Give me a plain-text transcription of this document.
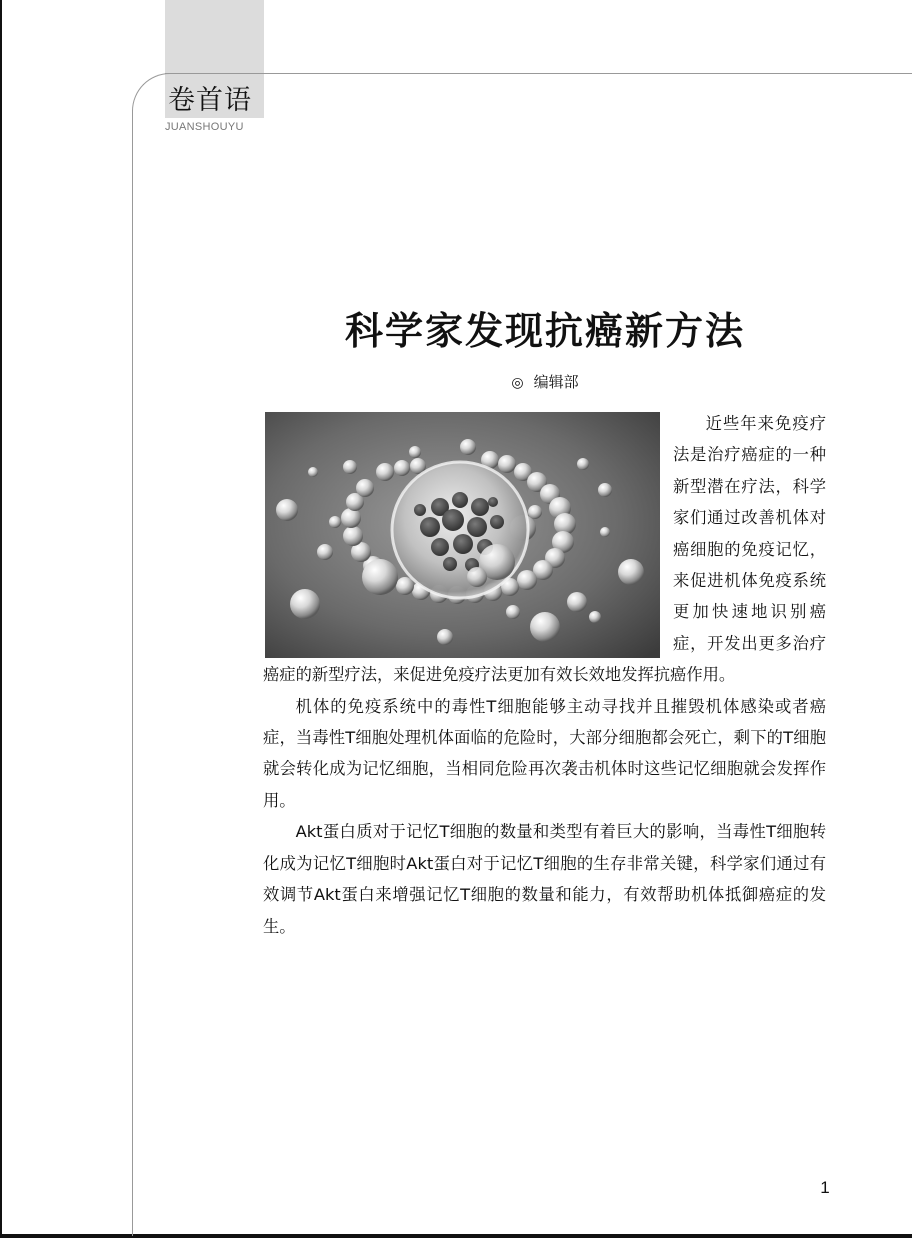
卷首语
JUANSHOUYU
科学家发现抗癌新方法
◎ 编辑部

近些年来免疫疗法是治疗癌症的一种新型潜在疗法，科学家们通过改善机体对癌细胞的免疫记忆，来促进机体免疫系统更加快速地识别癌症，开发出更多治疗癌症的新型疗法，来促进免疫疗法更加有效长效地发挥抗癌作用。

机体的免疫系统中的毒性T细胞能够主动寻找并且摧毁机体感染或者癌症，当毒性T细胞处理机体面临的危险时，大部分细胞都会死亡，剩下的T细胞就会转化成为记忆细胞，当相同危险再次袭击机体时这些记忆细胞就会发挥作用。

Akt蛋白质对于记忆T细胞的数量和类型有着巨大的影响，当毒性T细胞转化成为记忆T细胞时Akt蛋白对于记忆T细胞的生存非常关键，科学家们通过有效调节Akt蛋白来增强记忆T细胞的数量和能力，有效帮助机体抵御癌症的发生。

1
